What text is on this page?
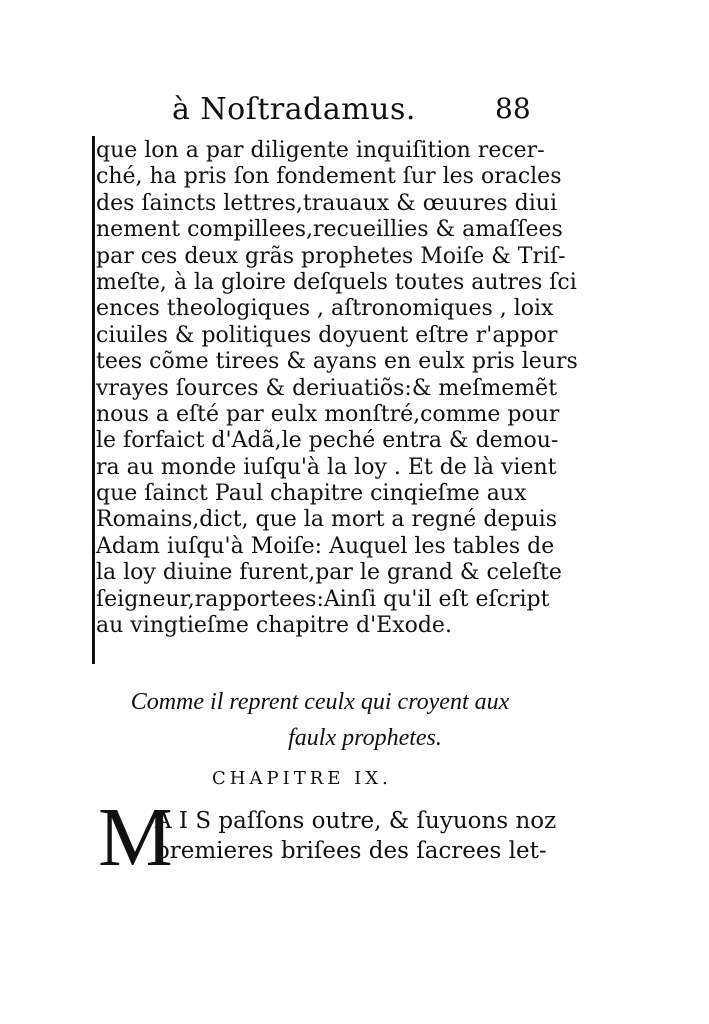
à Noſtradamus.	88
que lon a par diligente inquiſition recer-
ché, ha pris ſon fondement ſur les oracles
des ſaincts lettres,trauaux & œuures diui
nement compillees,recueillies & amaſſees
par ces deux grãs prophetes Moiſe & Triſ-
meſte, à la gloire deſquels toutes autres ſci
ences theologiques , aſtronomiques , loix
ciuiles & politiques doyuent eſtre r'appor
tees cõme tirees & ayans en eulx pris leurs
vrayes ſources & deriuatiõs:& meſmemẽt
nous a eſté par eulx monſtré,comme pour
le forfaict d'Adã,le peché entra & demou-
ra au monde iuſqu'à la loy . Et de là vient
que ſainct Paul chapitre cinqieſme aux
Romains,dict, que la mort a regné depuis
Adam iuſqu'à Moiſe: Auquel les tables de
la loy diuine furent,par le grand & celeſte
ſeigneur,rapportees:Ainſi qu'il eſt eſcript
au vingtieſme chapitre d'Exode.
Comme il reprent ceulx qui croyent aux
faulx prophetes.
CHAPITRE IX.
M
A I S paſſons outre, & ſuyuons noz
premieres briſees des ſacrees let-
